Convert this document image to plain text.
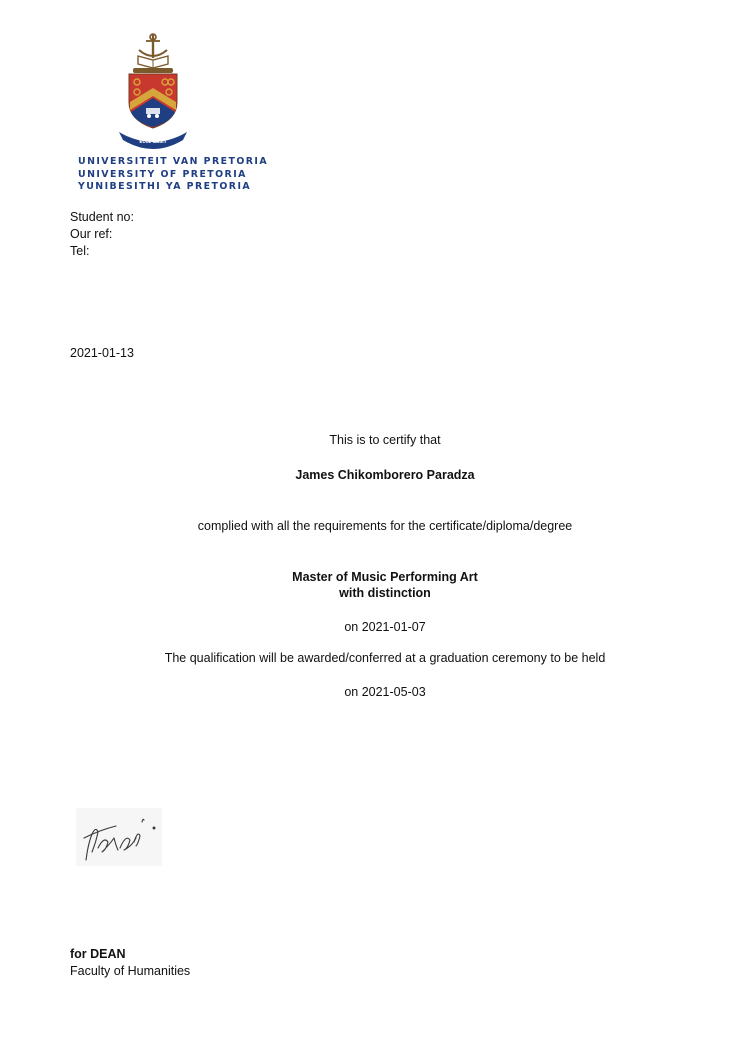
ECCE ABSIT
UNIVERSITEIT VAN PRETORIA
UNIVERSITY OF PRETORIA
YUNIBESITHI YA PRETORIA
Student no:
Our ref:
Tel:
2021-01-13
This is to certify that
James Chikomborero Paradza
complied with all the requirements for the certificate/diploma/degree
Master of Music Performing Art
with distinction
on 2021-01-07
The qualification will be awarded/conferred at a graduation ceremony to be held
on 2021-05-03
for DEAN
Faculty of Humanities
